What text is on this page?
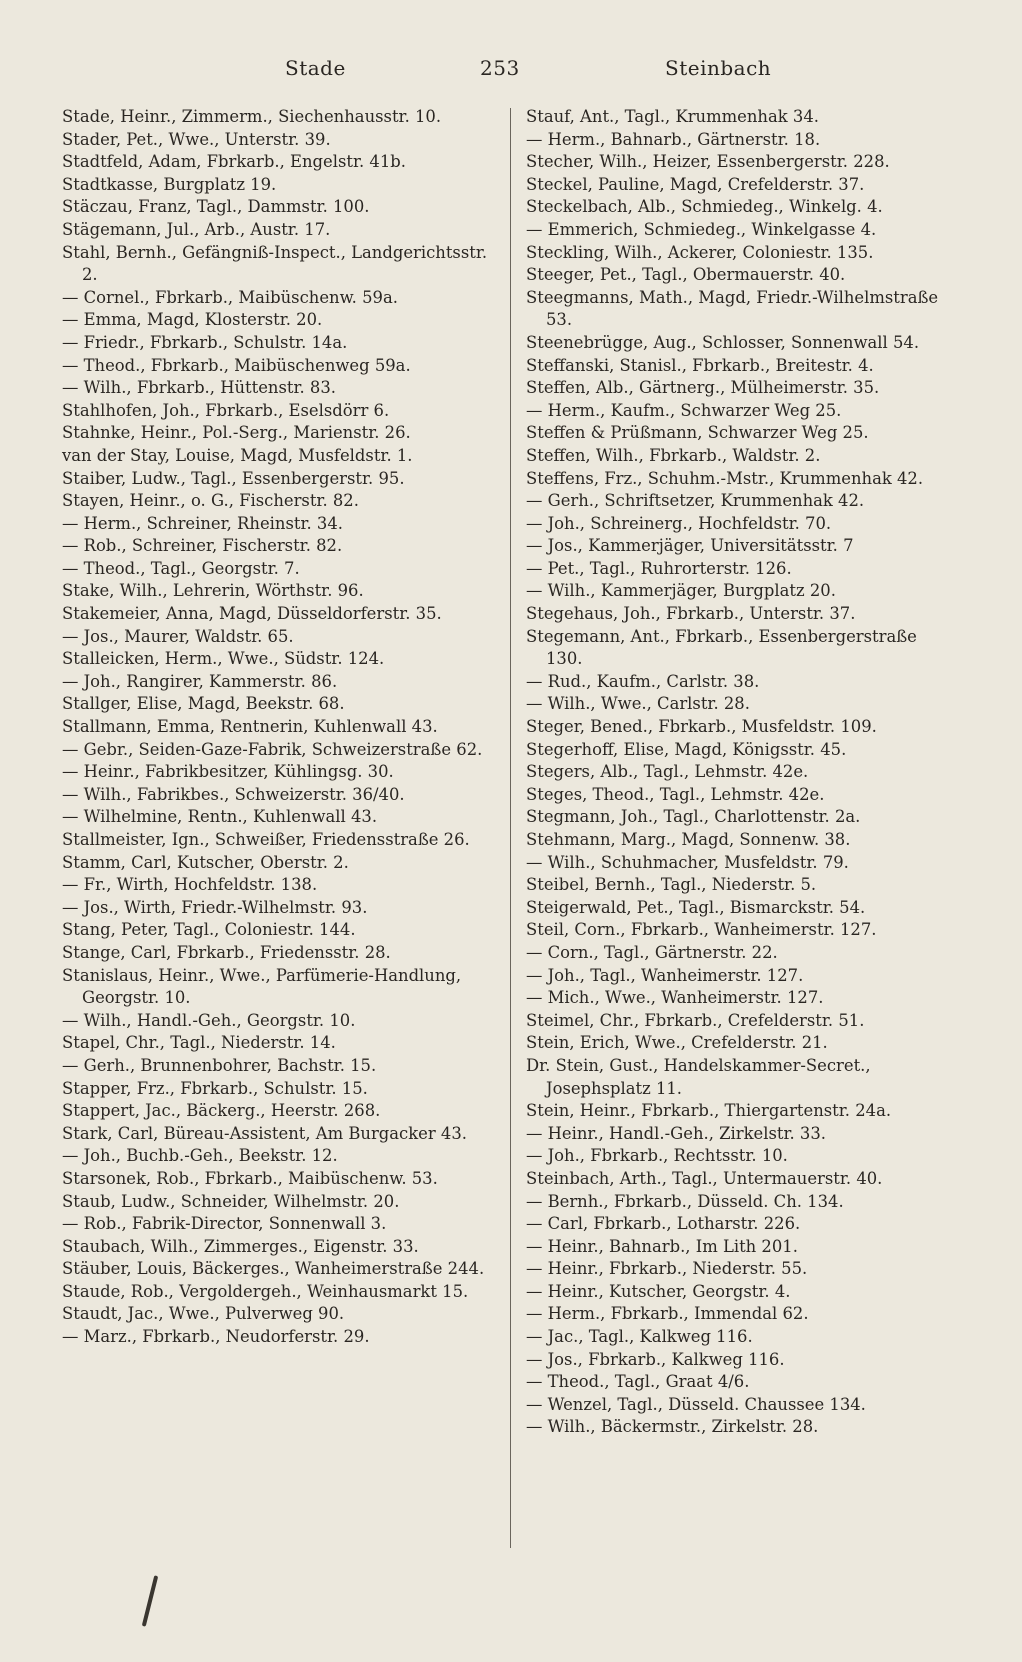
Stade	253	Steinbach

Stade, Heinr., Zimmerm., Siechenhausstr. 10.

Stader, Pet., Wwe., Unterstr. 39.

Stadtfeld, Adam, Fbrkarb., Engelstr. 41b.

Stadtkasse, Burgplatz 19.

Stäczau, Franz, Tagl., Dammstr. 100.

Stägemann, Jul., Arb., Austr. 17.

Stahl, Bernh., Gefängniß-Inspect., Landgerichtsstr. 2.

— Cornel., Fbrkarb., Maibüschenw. 59a.

— Emma, Magd, Klosterstr. 20.

— Friedr., Fbrkarb., Schulstr. 14a.

— Theod., Fbrkarb., Maibüschenweg 59a.

— Wilh., Fbrkarb., Hüttenstr. 83.

Stahlhofen, Joh., Fbrkarb., Eselsdörr 6.

Stahnke, Heinr., Pol.-Serg., Marienstr. 26.

van der Stay, Louise, Magd, Musfeldstr. 1.

Staiber, Ludw., Tagl., Essenbergerstr. 95.

Stayen, Heinr., o. G., Fischerstr. 82.

— Herm., Schreiner, Rheinstr. 34.

— Rob., Schreiner, Fischerstr. 82.

— Theod., Tagl., Georgstr. 7.

Stake, Wilh., Lehrerin, Wörthstr. 96.

Stakemeier, Anna, Magd, Düsseldorferstr. 35.

— Jos., Maurer, Waldstr. 65.

Stalleicken, Herm., Wwe., Südstr. 124.

— Joh., Rangirer, Kammerstr. 86.

Stallger, Elise, Magd, Beekstr. 68.

Stallmann, Emma, Rentnerin, Kuhlenwall 43.

— Gebr., Seiden-Gaze-Fabrik, Schweizerstraße 62.

— Heinr., Fabrikbesitzer, Kühlingsg. 30.

— Wilh., Fabrikbes., Schweizerstr. 36/40.

— Wilhelmine, Rentn., Kuhlenwall 43.

Stallmeister, Ign., Schweißer, Friedensstraße 26.

Stamm, Carl, Kutscher, Oberstr. 2.

— Fr., Wirth, Hochfeldstr. 138.

— Jos., Wirth, Friedr.-Wilhelmstr. 93.

Stang, Peter, Tagl., Coloniestr. 144.

Stange, Carl, Fbrkarb., Friedensstr. 28.

Stanislaus, Heinr., Wwe., Parfümerie-Handlung, Georgstr. 10.

— Wilh., Handl.-Geh., Georgstr. 10.

Stapel, Chr., Tagl., Niederstr. 14.

— Gerh., Brunnenbohrer, Bachstr. 15.

Stapper, Frz., Fbrkarb., Schulstr. 15.

Stappert, Jac., Bäckerg., Heerstr. 268.

Stark, Carl, Büreau-Assistent, Am Burgacker 43.

— Joh., Buchb.-Geh., Beekstr. 12.

Starsonek, Rob., Fbrkarb., Maibüschenw. 53.

Staub, Ludw., Schneider, Wilhelmstr. 20.

— Rob., Fabrik-Director, Sonnenwall 3.

Staubach, Wilh., Zimmerges., Eigenstr. 33.

Stäuber, Louis, Bäckerges., Wanheimerstraße 244.

Staude, Rob., Vergoldergeh., Weinhausmarkt 15.

Staudt, Jac., Wwe., Pulverweg 90.

— Marz., Fbrkarb., Neudorferstr. 29.

Stauf, Ant., Tagl., Krummenhak 34.

— Herm., Bahnarb., Gärtnerstr. 18.

Stecher, Wilh., Heizer, Essenbergerstr. 228.

Steckel, Pauline, Magd, Crefelderstr. 37.

Steckelbach, Alb., Schmiedeg., Winkelg. 4.

— Emmerich, Schmiedeg., Winkelgasse 4.

Steckling, Wilh., Ackerer, Coloniestr. 135.

Steeger, Pet., Tagl., Obermauerstr. 40.

Steegmanns, Math., Magd, Friedr.-Wilhelmstraße 53.

Steenebrügge, Aug., Schlosser, Sonnenwall 54.

Steffanski, Stanisl., Fbrkarb., Breitestr. 4.

Steffen, Alb., Gärtnerg., Mülheimerstr. 35.

— Herm., Kaufm., Schwarzer Weg 25.

Steffen & Prüßmann, Schwarzer Weg 25.

Steffen, Wilh., Fbrkarb., Waldstr. 2.

Steffens, Frz., Schuhm.-Mstr., Krummenhak 42.

— Gerh., Schriftsetzer, Krummenhak 42.

— Joh., Schreinerg., Hochfeldstr. 70.

— Jos., Kammerjäger, Universitätsstr. 7

— Pet., Tagl., Ruhrorterstr. 126.

— Wilh., Kammerjäger, Burgplatz 20.

Stegehaus, Joh., Fbrkarb., Unterstr. 37.

Stegemann, Ant., Fbrkarb., Essenbergerstraße 130.

— Rud., Kaufm., Carlstr. 38.

— Wilh., Wwe., Carlstr. 28.

Steger, Bened., Fbrkarb., Musfeldstr. 109.

Stegerhoff, Elise, Magd, Königsstr. 45.

Stegers, Alb., Tagl., Lehmstr. 42e.

Steges, Theod., Tagl., Lehmstr. 42e.

Stegmann, Joh., Tagl., Charlottenstr. 2a.

Stehmann, Marg., Magd, Sonnenw. 38.

— Wilh., Schuhmacher, Musfeldstr. 79.

Steibel, Bernh., Tagl., Niederstr. 5.

Steigerwald, Pet., Tagl., Bismarckstr. 54.

Steil, Corn., Fbrkarb., Wanheimerstr. 127.

— Corn., Tagl., Gärtnerstr. 22.

— Joh., Tagl., Wanheimerstr. 127.

— Mich., Wwe., Wanheimerstr. 127.

Steimel, Chr., Fbrkarb., Crefelderstr. 51.

Stein, Erich, Wwe., Crefelderstr. 21.

Dr. Stein, Gust., Handelskammer-Secret., Josephsplatz 11.

Stein, Heinr., Fbrkarb., Thiergartenstr. 24a.

— Heinr., Handl.-Geh., Zirkelstr. 33.

— Joh., Fbrkarb., Rechtsstr. 10.

Steinbach, Arth., Tagl., Untermauerstr. 40.

— Bernh., Fbrkarb., Düsseld. Ch. 134.

— Carl, Fbrkarb., Lotharstr. 226.

— Heinr., Bahnarb., Im Lith 201.

— Heinr., Fbrkarb., Niederstr. 55.

— Heinr., Kutscher, Georgstr. 4.

— Herm., Fbrkarb., Immendal 62.

— Jac., Tagl., Kalkweg 116.

— Jos., Fbrkarb., Kalkweg 116.

— Theod., Tagl., Graat 4/6.

— Wenzel, Tagl., Düsseld. Chaussee 134.

— Wilh., Bäckermstr., Zirkelstr. 28.
